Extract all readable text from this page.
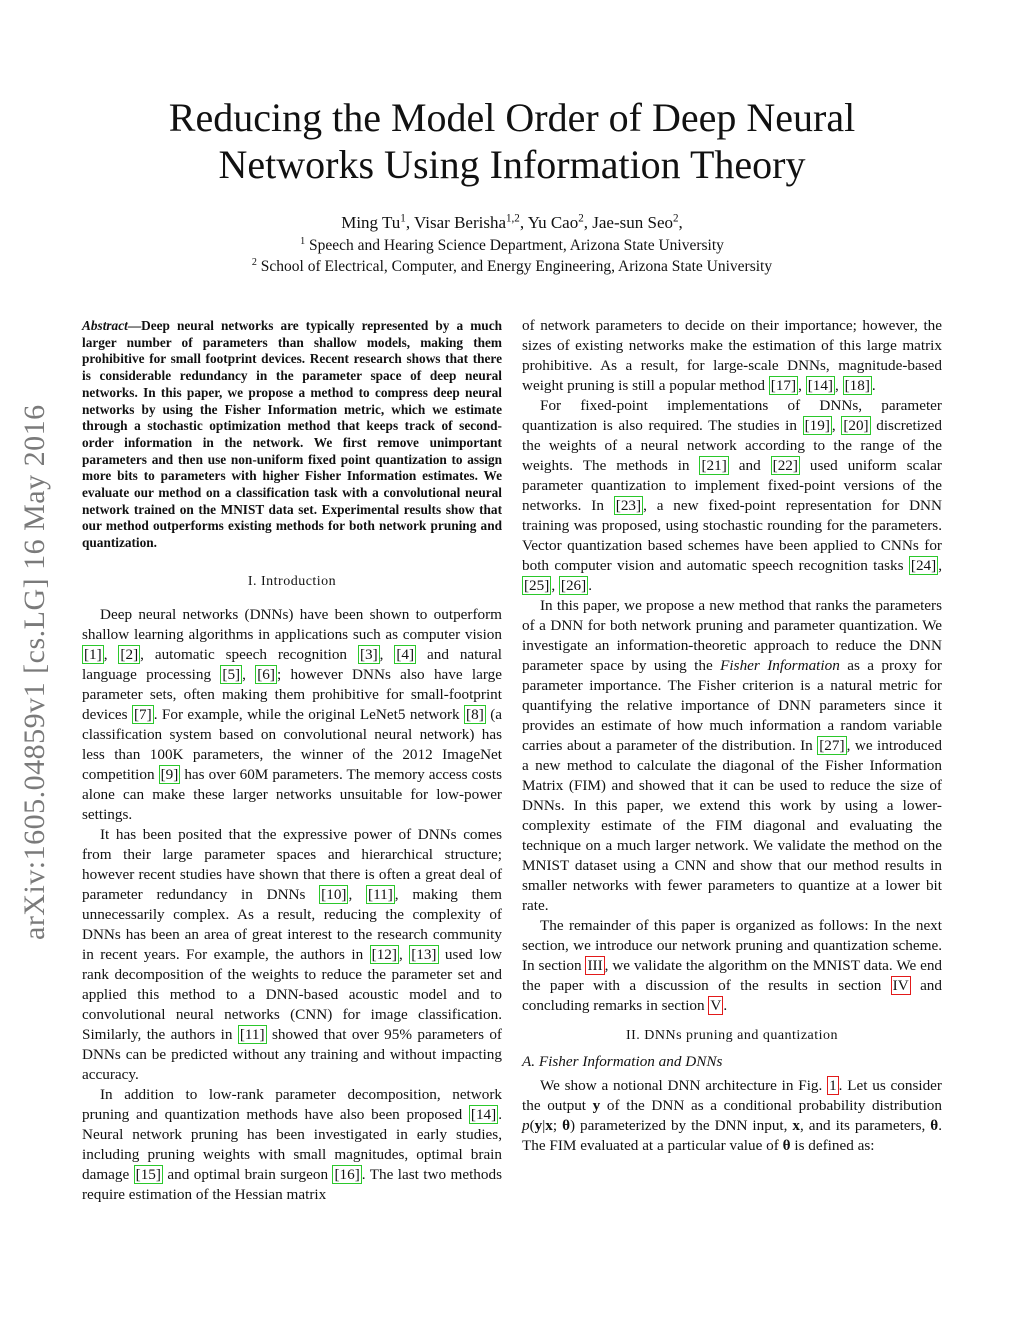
arXiv:1605.04859v1 [cs.LG] 16 May 2016
Reducing the Model Order of Deep Neural
Networks Using Information Theory
Ming Tu$^1$, Visar Berisha$^{1,2}$, Yu Cao$^2$, Jae-sun Seo$^2$,
$^1$ Speech and Hearing Science Department, Arizona State University
$^2$ School of Electrical, Computer, and Energy Engineering, Arizona State University

Abstract—Deep neural networks are typically represented by a much larger number of parameters than shallow models, making them prohibitive for small footprint devices. Recent research shows that there is considerable redundancy in the parameter space of deep neural networks. In this paper, we propose a method to compress deep neural networks by using the Fisher Information metric, which we estimate through a stochastic optimization method that keeps track of second-order information in the network. We first remove unimportant parameters and then use non-uniform fixed point quantization to assign more bits to parameters with higher Fisher Information estimates. We evaluate our method on a classification task with a convolutional neural network trained on the MNIST data set. Experimental results show that our method outperforms existing methods for both network pruning and quantization.

I. Introduction

Deep neural networks (DNNs) have been shown to outperform shallow learning algorithms in applications such as computer vision [1] , [2] , automatic speech recognition [3] , [4] and natural language processing [5] , [6] ; however DNNs also have large parameter sets, often making them prohibitive for small-footprint devices [7] . For example, while the original LeNet5 network [8] (a classification system based on convolutional neural network) has less than 100K parameters, the winner of the 2012 ImageNet competition [9] has over 60M parameters. The memory access costs alone can make these larger networks unsuitable for low-power settings.

It has been posited that the expressive power of DNNs comes from their large parameter spaces and hierarchical structure; however recent studies have shown that there is often a great deal of parameter redundancy in DNNs [10] , [11] , making them unnecessarily complex. As a result, reducing the complexity of DNNs has been an area of great interest to the research community in recent years. For example, the authors in [12] , [13] used low rank decomposition of the weights to reduce the parameter set and applied this method to a DNN-based acoustic model and to convolutional neural networks (CNN) for image classification. Similarly, the authors in [11] showed that over 95% parameters of DNNs can be predicted without any training and without impacting accuracy.

In addition to low-rank parameter decomposition, network pruning and quantization methods have also been proposed [14] . Neural network pruning has been investigated in early studies, including pruning weights with small magnitudes, optimal brain damage [15] and optimal brain surgeon [16] . The last two methods require estimation of the Hessian matrix

of network parameters to decide on their importance; however, the sizes of existing networks make the estimation of this large matrix prohibitive. As a result, for large-scale DNNs, magnitude-based weight pruning is still a popular method [17] , [14] , [18] .

For fixed-point implementations of DNNs, parameter quantization is also required. The studies in [19] , [20] discretized the weights of a neural network according to the range of the weights. The methods in [21] and [22] used uniform scalar parameter quantization to implement fixed-point versions of the networks. In [23] , a new fixed-point representation for DNN training was proposed, using stochastic rounding for the parameters. Vector quantization based schemes have been applied to CNNs for both computer vision and automatic speech recognition tasks [24] , [25] , [26] .

In this paper, we propose a new method that ranks the parameters of a DNN for both network pruning and parameter quantization. We investigate an information-theoretic approach to reduce the DNN parameter space by using the Fisher Information as a proxy for parameter importance. The Fisher criterion is a natural metric for quantifying the relative importance of DNN parameters since it provides an estimate of how much information a random variable carries about a parameter of the distribution. In [27] , we introduced a new method to calculate the diagonal of the Fisher Information Matrix (FIM) and showed that it can be used to reduce the size of DNNs. In this paper, we extend this work by using a lower-complexity estimate of the FIM diagonal and evaluating the technique on a much larger network. We validate the method on the MNIST dataset using a CNN and show that our method results in smaller networks with fewer parameters to quantize at a lower bit rate.

The remainder of this paper is organized as follows: In the next section, we introduce our network pruning and quantization scheme. In section III , we validate the algorithm on the MNIST data. We end the paper with a discussion of the results in section IV and concluding remarks in section V .

II. DNNs pruning and quantization

A. Fisher Information and DNNs

We show a notional DNN architecture in Fig. 1 . Let us consider the output y of the DNN as a conditional probability distribution p(y|x; θ) parameterized by the DNN input, x, and its parameters, θ. The FIM evaluated at a particular value of θ is defined as:
